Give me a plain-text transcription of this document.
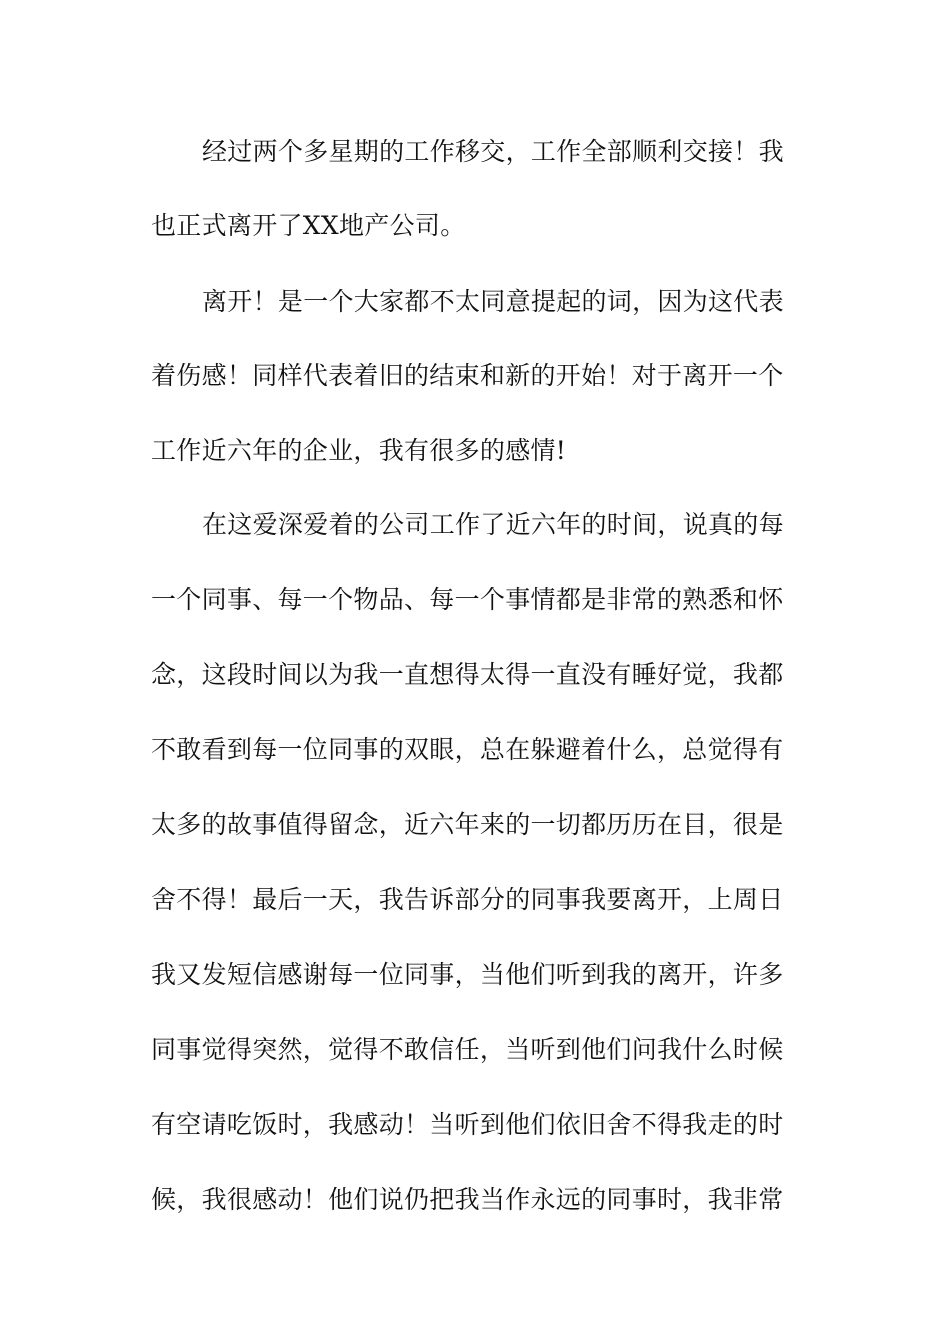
经过两个多星期的工作移交，工作全部顺利交接！我
也正式离开了XX地产公司。
离开！是一个大家都不太同意提起的词，因为这代表
着伤感！同样代表着旧的结束和新的开始！对于离开一个
工作近六年的企业，我有很多的感情!
在这爱深爱着的公司工作了近六年的时间，说真的每
一个同事、每一个物品、每一个事情都是非常的熟悉和怀
念，这段时间以为我一直想得太得一直没有睡好觉，我都
不敢看到每一位同事的双眼，总在躲避着什么，总觉得有
太多的故事值得留念，近六年来的一切都历历在目，很是
舍不得！最后一天，我告诉部分的同事我要离开，上周日
我又发短信感谢每一位同事，当他们听到我的离开，许多
同事觉得突然，觉得不敢信任，当听到他们问我什么时候
有空请吃饭时，我感动！当听到他们依旧舍不得我走的时
候，我很感动！他们说仍把我当作永远的同事时，我非常
